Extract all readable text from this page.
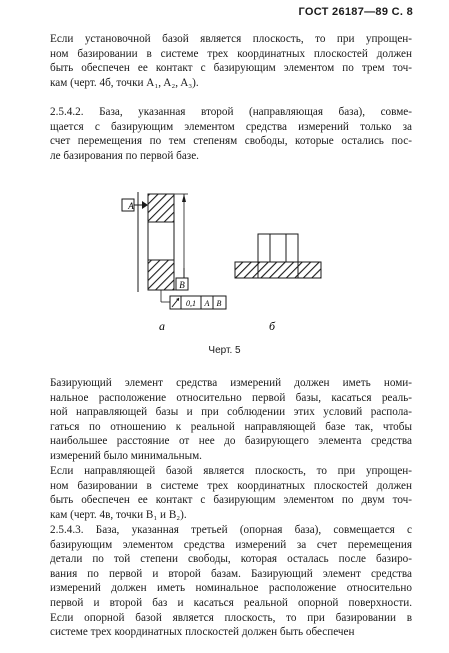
ГОСТ 26187—89 С. 8
Если установочной базой является плоскость, то при упрощен-
ном базировании в системе трех координатных плоскостей должен
быть обеспечен ее контакт с базирующим элементом по трем точ-
кам (черт. 4б, точки A₁, A₂, A₃).
2.5.4.2. База, указанная второй (направляющая база), совме-
щается с базирующим элементом средства измерений только за
счет перемещения по тем степеням свободы, которые остались пос-
ле базирования по первой базе.
A
B
0,1 A B
а	б
Черт. 5
Базирующий элемент средства измерений должен иметь номи-
нальное расположение относительно первой базы, касаться реаль-
ной направляющей базы и при соблюдении этих условий распола-
гаться по отношению к реальной направляющей базе так, чтобы
наибольшее расстояние от нее до базирующего элемента средства
измерений было минимальным.
Если направляющей базой является плоскость, то при упрощен-
ном базировании в системе трех координатных плоскостей должен
быть обеспечен ее контакт с базирующим элементом по двум точ-
кам (черт. 4в, точки B₁ и B₂).
2.5.4.3. База, указанная третьей (опорная база), совмещается с
базирующим элементом средства измерений за счет перемещения
детали по той степени свободы, которая осталась после базиро-
вания по первой и второй базам. Базирующий элемент средства
измерений должен иметь номинальное расположение относительно
первой и второй баз и касаться реальной опорной поверхности.
Если опорной базой является плоскость, то при базировании в
системе трех координатных плоскостей должен быть обеспечен
